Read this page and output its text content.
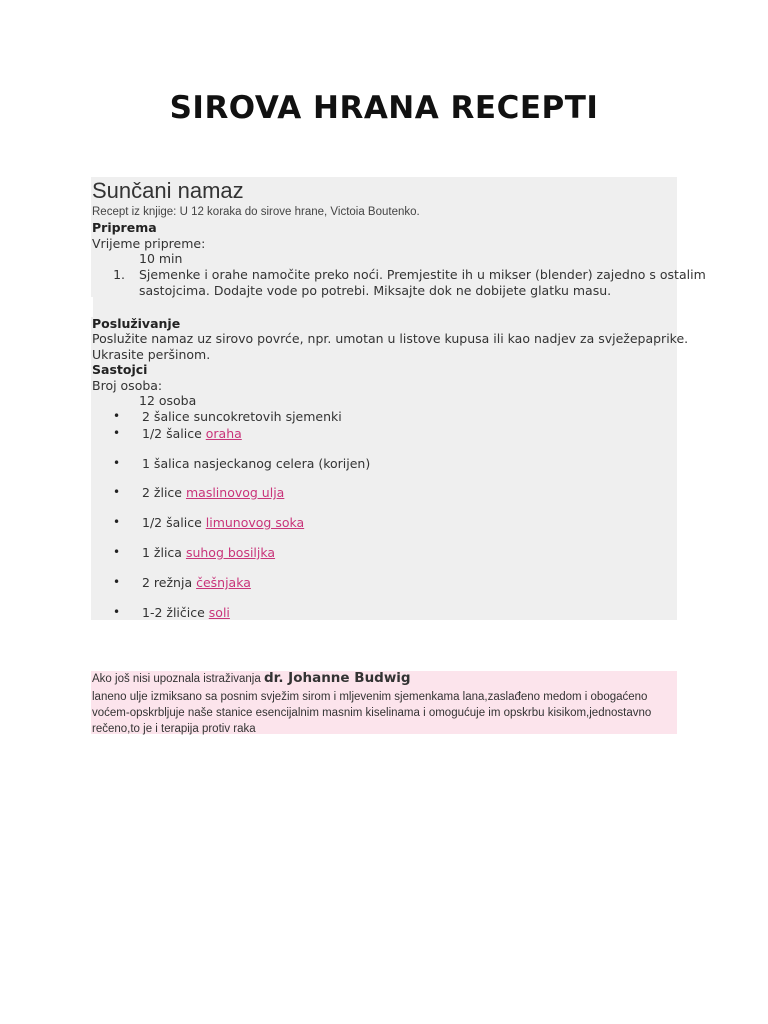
SIROVA HRANA RECEPTI
Sunčani namaz
Recept iz knjige: U 12 koraka do sirove hrane, Victoia Boutenko.
Priprema
Vrijeme pripreme:
10 min
1. Sjemenke i orahe namočite preko noći. Premjestite ih u mikser (blender) zajedno s ostalim
sastojcima. Dodajte vode po potrebi. Miksajte dok ne dobijete glatku masu.
Posluživanje
Poslužite namaz uz sirovo povrće, npr. umotan u listove kupusa ili kao nadjev za svježepaprike.
Ukrasite peršinom.
Sastojci
Broj osoba:
12 osoba
• 2 šalice suncokretovih sjemenki
• 1/2 šalice oraha
• 1 šalica nasjeckanog celera (korijen)
• 2 žlice maslinovog ulja
• 1/2 šalice limunovog soka
• 1 žlica suhog bosiljka
• 2 režnja češnjaka
• 1-2 žličice soli
Ako još nisi upoznala istraživanja dr. Johanne Budwig
laneno ulje izmiksano sa posnim svježim sirom i mljevenim sjemenkama lana,zaslađeno medom i obogaćeno
voćem-opskrbljuje naše stanice esencijalnim masnim kiselinama i omogućuje im opskrbu kisikom,jednostavno
rečeno,to je i terapija protiv raka
